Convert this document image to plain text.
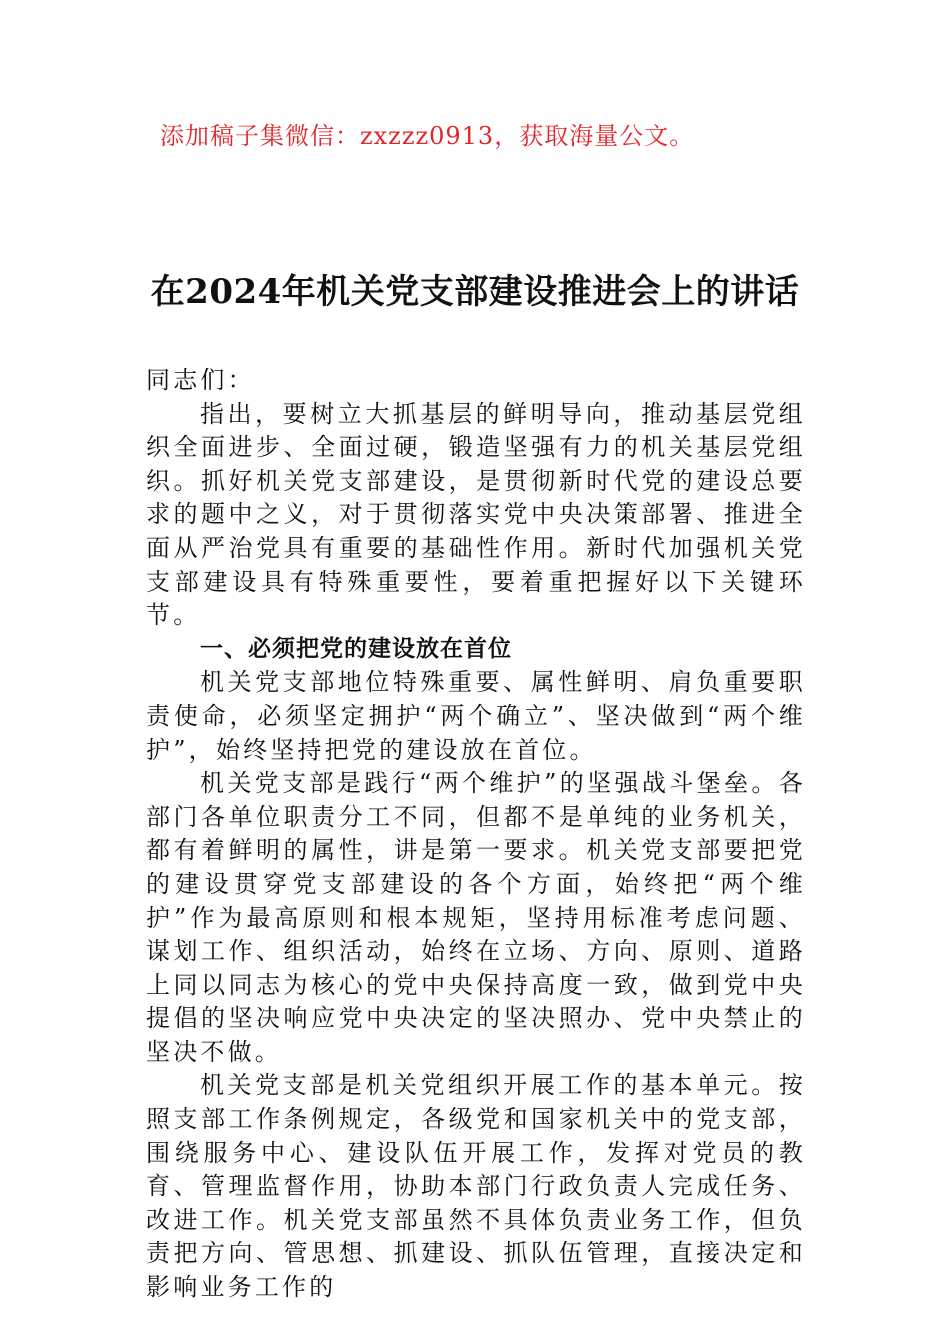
添加稿子集微信：zxzzz0913，获取海量公文。
在2024年机关党支部建设推进会上的讲话

同志们：

指出，要树立大抓基层的鲜明导向，推动基层党组织全面进步、全面过硬，锻造坚强有力的机关基层党组织。抓好机关党支部建设，是贯彻新时代党的建设总要求的题中之义，对于贯彻落实党中央决策部署、推进全面从严治党具有重要的基础性作用。新时代加强机关党支部建设具有特殊重要性，要着重把握好以下关键环节。

一、必须把党的建设放在首位

机关党支部地位特殊重要、属性鲜明、肩负重要职责使命，必须坚定拥护“两个确立”、坚决做到“两个维护”，始终坚持把党的建设放在首位。

机关党支部是践行“两个维护”的坚强战斗堡垒。各部门各单位职责分工不同，但都不是单纯的业务机关，都有着鲜明的属性，讲是第一要求。机关党支部要把党的建设贯穿党支部建设的各个方面，始终把“两个维护”作为最高原则和根本规矩，坚持用标准考虑问题、谋划工作、组织活动，始终在立场、方向、原则、道路上同以同志为核心的党中央保持高度一致，做到党中央提倡的坚决响应党中央决定的坚决照办、党中央禁止的坚决不做。

机关党支部是机关党组织开展工作的基本单元。按照支部工作条例规定，各级党和国家机关中的党支部，围绕服务中心、建设队伍开展工作，发挥对党员的教育、管理监督作用，协助本部门行政负责人完成任务、改进工作。机关党支部虽然不具体负责业务工作，但负责把方向、管思想、抓建设、抓队伍管理，直接决定和影响业务工作的
